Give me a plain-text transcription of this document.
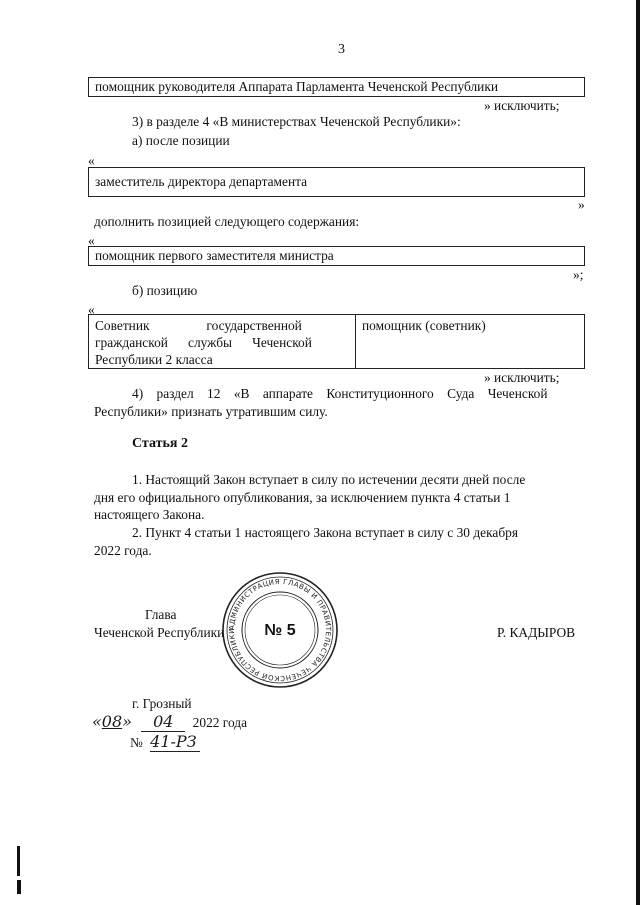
3
помощник руководителя Аппарата Парламента Чеченской Республики
» исключить;
3) в разделе 4 «В министерствах Чеченской Республики»:
а) после позиции
«
заместитель директора департамента
»
дополнить позицией следующего содержания:
«
помощник первого заместителя министра
»;
б) позицию
«
Советник                 государственной
гражданской      службы      Чеченской
Республики 2 класса
помощник (советник)
» исключить;
4)    раздел    12    «В    аппарате    Конституционного    Суда    Чеченской
Республики» признать утратившим силу.
Статья 2
1. Настоящий Закон вступает в силу по истечении десяти дней после
дня его официального опубликования, за исключением пункта 4 статьи 1
настоящего Закона.
2. Пункт 4 статьи 1 настоящего Закона вступает в силу с 30 декабря
2022 года.
АДМИНИСТРАЦИЯ ГЛАВЫ И ПРАВИТЕЛЬСТВА ЧЕЧЕНСКОЙ РЕСПУБЛИКИ	№ 5
Глава
Чеченской Республики	Р. КАДЫРОВ
г. Грозный
«08» 04 2022 года
№ 41-РЗ
